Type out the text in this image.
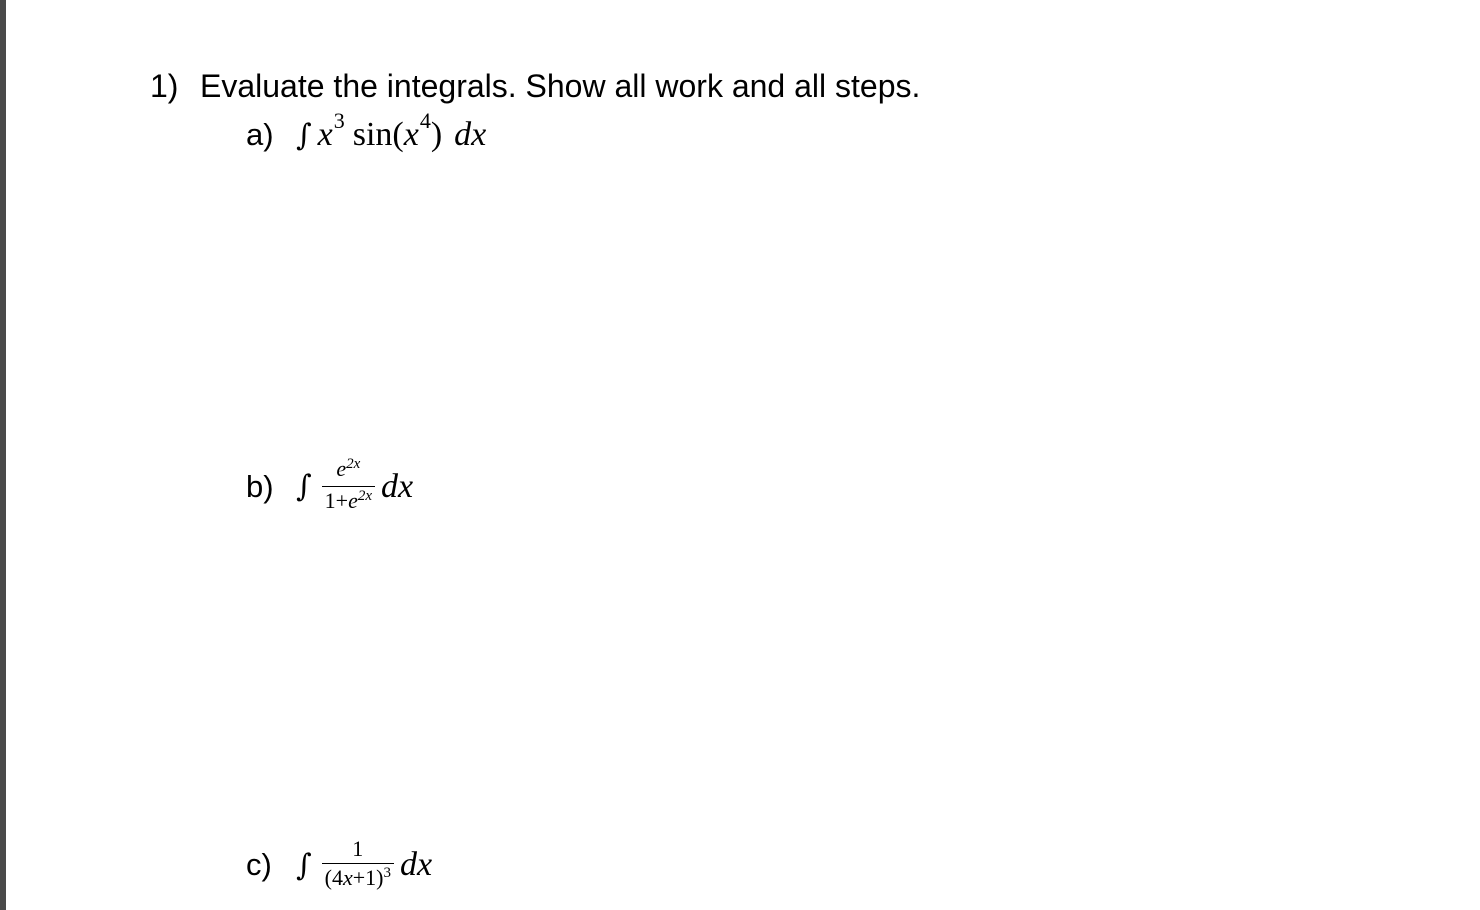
1) Evaluate the integrals. Show all work and all steps.
a) ∫ x 3 sin( x 4 ) dx
b) ∫ $\frac{e^{2x}}{1+e^{2x}}$ dx
c) ∫ $\frac{1}{(4x+1)^3}$ dx
